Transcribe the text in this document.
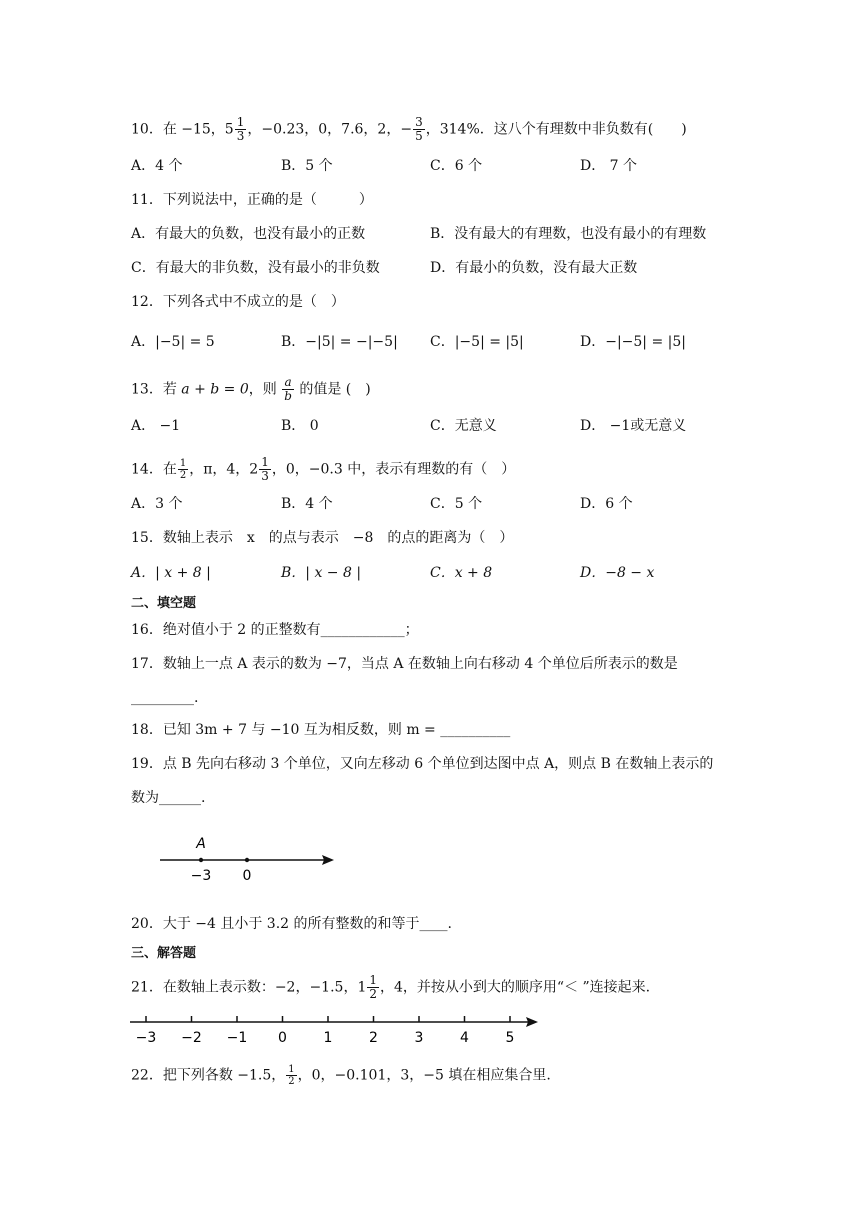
10．在 −15，$5 \frac{1}{3}$ ，−0.23，0，7.6，2，− $\frac{3}{5}$ ，314%．这八个有理数中非负数有(　　)
A．4 个	B．5 个	C．6 个	D． 7 个
11．下列说法中，正确的是（　　　）
A．有最大的负数，也没有最小的正数	B．没有最大的有理数，也没有最小的有理数
C．有最大的非负数，没有最小的非负数	D．有最小的负数，没有最大正数
12．下列各式中不成立的是（　）
A．|−5| = 5	B．−|5| = −|−5| C．|−5| = |5|	D．−|−5| = |5|
13．若 a + b = 0，则 $\frac{a}{b}$ 的值是 (　)
A． −1	B． 0	C．无意义	D． −1或无意义
14．在 $\frac{1}{2}$ ，π，4，$2 \frac{1}{3}$ ，0，−0.3 中，表示有理数的有（　）
A．3 个	B．4 个	C．5 个	D．6 个
15．数轴上表示　x　的点与表示　−8　的点的距离为（　）
A．| x + 8 |	B．| x − 8 |	C．x + 8	D．−8 − x
二、填空题
16．绝对值小于 2 的正整数有____________；
17．数轴上一点 A 表示的数为 −7，当点 A 在数轴上向右移动 4 个单位后所表示的数是
_________.
18．已知 3m + 7 与 −10 互为相反数，则 m = __________
19．点 B 先向右移动 3 个单位，又向左移动 6 个单位到达图中点 A，则点 B 在数轴上表示的
数为______.
A
−3 0
20．大于 −4 且小于 3.2 的所有整数的和等于____.
三、解答题
21．在数轴上表示数：−2，−1.5，$1 \frac{1}{2}$ ，4，并按从小到大的顺序用“＜ ”连接起来.
−3 −2 −1 0	1	2	3	4	5
22．把下列各数 −1.5， $\frac{1}{2}$ ，0，−0.101，3，−5 填在相应集合里.
